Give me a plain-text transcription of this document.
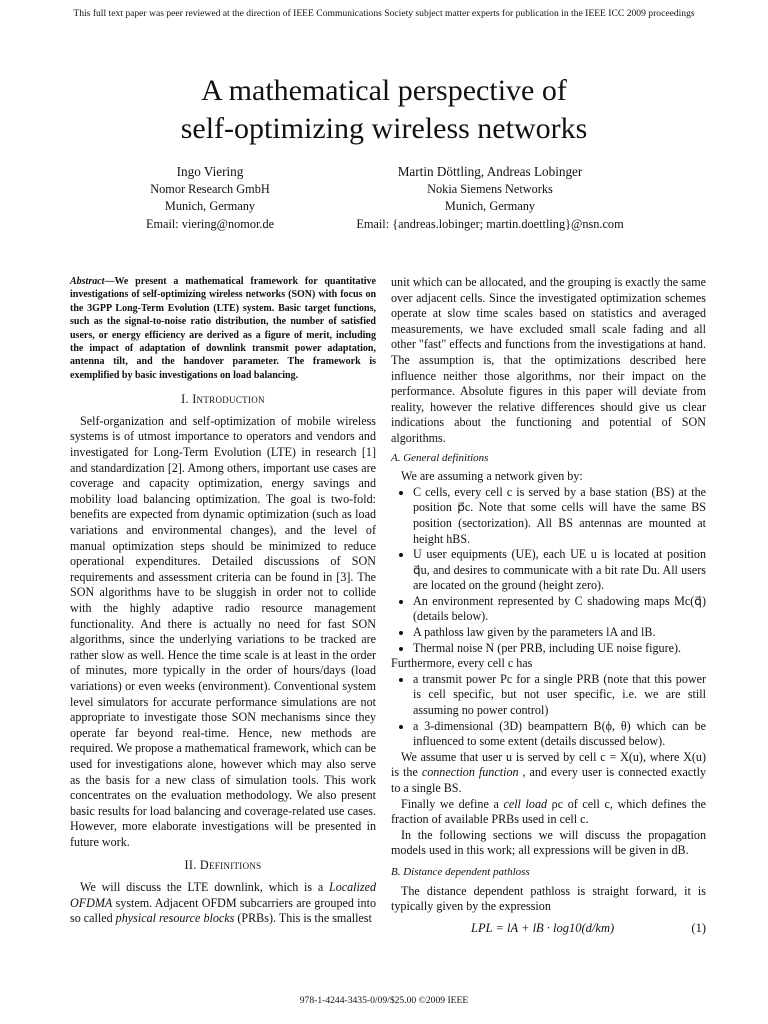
This full text paper was peer reviewed at the direction of IEEE Communications Society subject matter experts for publication in the IEEE ICC 2009 proceedings
A mathematical perspective of
self-optimizing wireless networks
Ingo Viering
Nomor Research GmbH
Munich, Germany
Email: viering@nomor.de
Martin Döttling, Andreas Lobinger
Nokia Siemens Networks
Munich, Germany
Email: {andreas.lobinger; martin.doettling}@nsn.com
Abstract—We present a mathematical framework for quantitative investigations of self-optimizing wireless networks (SON) with focus on the 3GPP Long-Term Evolution (LTE) system. Basic target functions, such as the signal-to-noise ratio distribution, the number of satisfied users, or energy efficiency are derived as a figure of merit, including the impact of adaptation of downlink transmit power adaptation, antenna tilt, and the handover parameter. The framework is exemplified by basic investigations on load balancing.
I. Introduction

Self-organization and self-optimization of mobile wireless systems is of utmost importance to operators and vendors and investigated for Long-Term Evolution (LTE) in research [1] and standardization [2]. Among others, important use cases are coverage and capacity optimization, energy savings and mobility load balancing optimization. The goal is two-fold: benefits are expected from dynamic optimization (such as load variations and environmental changes), and the level of manual optimization steps should be minimized to reduce operational expenditures. Detailed discussions of SON requirements and assessment criteria can be found in [3]. The SON algorithms have to be sluggish in order not to collide with the highly adaptive radio resource management functionality. And there is actually no need for fast SON algorithms, since the underlying variations to be tracked are rather slow as well. Hence the time scale is at least in the order of minutes, more typically in the order of hours/days (load variations) or even weeks (environment). Conventional system level simulators for accurate performance simulations are not appropriate to investigate those SON mechanisms since they operate far beyond real-time. Hence, new methods are required. We propose a mathematical framework, which can be used for investigations alone, however which may also serve as the basis for a new class of simulation tools. This work concentrates on the evaluation methodology. We also present basic results for load balancing and coverage-related use cases. However, more elaborate investigations will be presented in future work.

II. Definitions

We will discuss the LTE downlink, which is a Localized OFDMA system. Adjacent OFDM subcarriers are grouped into so called physical resource blocks (PRBs). This is the smallest

unit which can be allocated, and the grouping is exactly the same over adjacent cells. Since the investigated optimization schemes operate at slow time scales based on statistics and averaged measurements, we have excluded small scale fading and all other "fast" effects and functions from the investigations at hand. The assumption is, that the optimizations described here influence neither those algorithms, nor their impact on the performance. Absolute figures in this paper will deviate from reality, however the relative differences should give us clear indications about the functioning and potential of SON algorithms.

A. General definitions

We are assuming a network given by:

• C cells, every cell c is served by a base station (BS) at the position p⃗c. Note that some cells will have the same BS position (sectorization). All BS antennas are mounted at height hBS.
• U user equipments (UE), each UE u is located at position q⃗u, and desires to communicate with a bit rate Du. All users are located on the ground (height zero).
• An environment represented by C shadowing maps Mc(q⃗) (details below).
• A pathloss law given by the parameters lA and lB.
• Thermal noise N (per PRB, including UE noise figure).

Furthermore, every cell c has

• a transmit power Pc for a single PRB (note that this power is cell specific, but not user specific, i.e. we are still assuming no power control)
• a 3-dimensional (3D) beampattern B(ϕ, θ) which can be influenced to some extent (details discussed below).

We assume that user u is served by cell c = X(u), where X(u) is the connection function , and every user is connected exactly to a single BS.

Finally we define a cell load ρc of cell c, which defines the fraction of available PRBs used in cell c.

In the following sections we will discuss the propagation models used in this work; all expressions will be given in dB.

B. Distance dependent pathloss

The distance dependent pathloss is straight forward, it is typically given by the expression

LPL = lA + lB · log10(d/km)	(1)
978-1-4244-3435-0/09/$25.00 ©2009 IEEE
